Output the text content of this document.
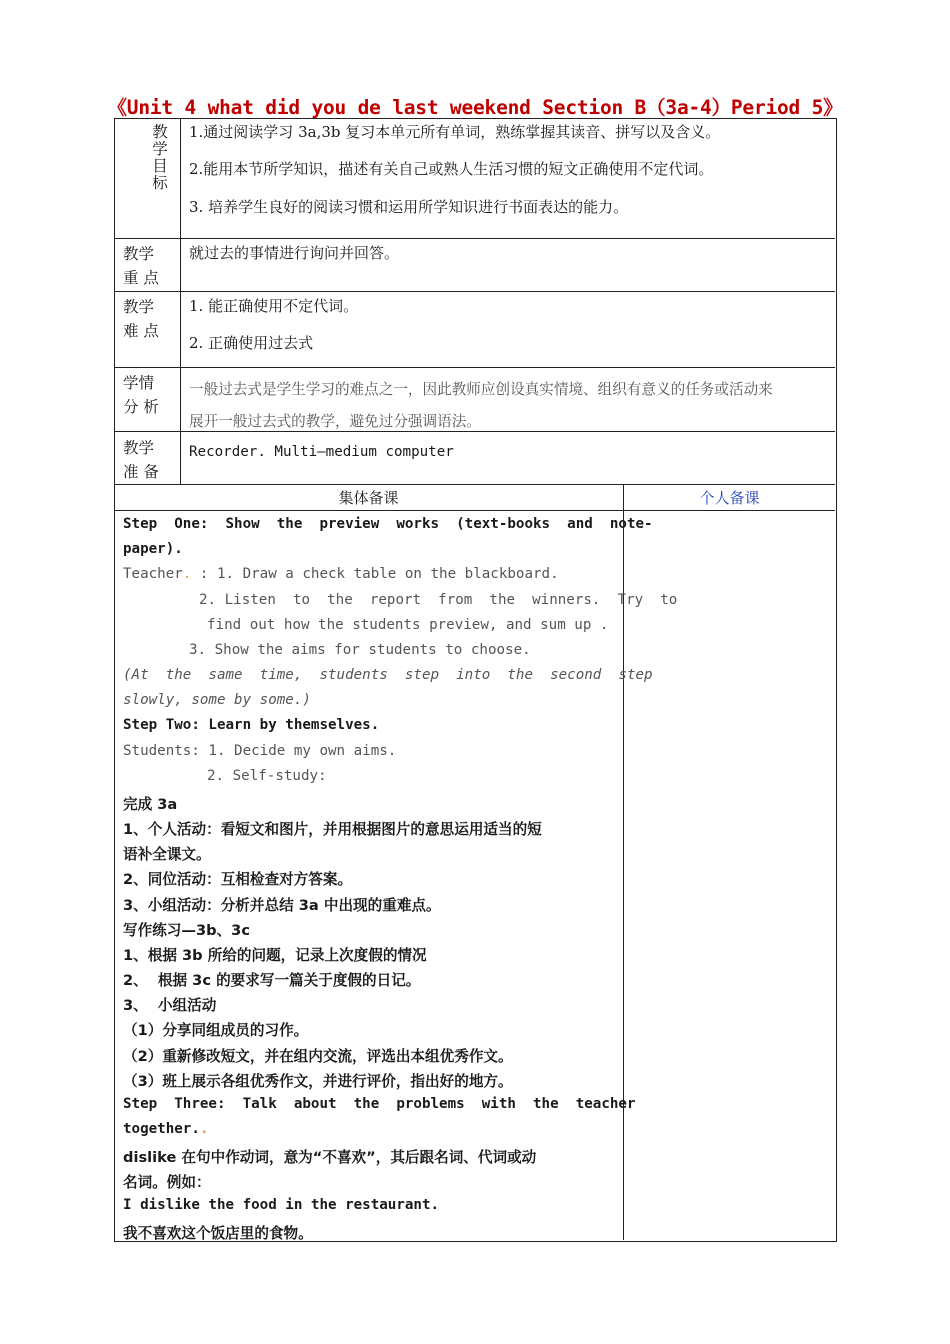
《Unit 4 what did you de last weekend Section B（3a-4）Period 5》
教
学
目
标
1.通过阅读学习 3a,3b 复习本单元所有单词，熟练掌握其读音、拼写以及含义。
2.能用本节所学知识，描述有关自己或熟人生活习惯的短文正确使用不定代词。
3. 培养学生良好的阅读习惯和运用所学知识进行书面表达的能力。
教学
重 点
就过去的事情进行询问并回答。
教学
难 点
1. 能正确使用不定代词。
2. 正确使用过去式
学情
分 析
一般过去式是学生学习的难点之一，因此教师应创设真实情境、组织有意义的任务或活动来
展开一般过去式的教学，避免过分强调语法。
教学
准 备
Recorder. Multi—medium computer
集体备课	个人备课
Step  One:  Show  the  preview  works  (text-books  and  note-
paper).
Teacher. : 1. Draw a check table on the blackboard.
2. Listen  to  the  report  from  the  winners.  Try  to
find out how the students preview, and sum up .
3. Show the aims for students to choose.
(At  the  same  time,  students  step  into  the  second  step
slowly, some by some.)
Step Two: Learn by themselves.
Students: 1. Decide my own aims.
2. Self-study:
完成 3a
1、个人活动：看短文和图片，并用根据图片的意思运用适当的短
语补全课文。
2、同位活动：互相检查对方答案。
3、小组活动：分析并总结 3a 中出现的重难点。
写作练习—3b、3c
1、根据 3b 所给的问题，记录上次度假的情况
2、  根据 3c 的要求写一篇关于度假的日记。
3、  小组活动
（1）分享同组成员的习作。
（2）重新修改短文，并在组内交流，评选出本组优秀作文。
（3）班上展示各组优秀作文，并进行评价，指出好的地方。
Step  Three:  Talk  about  the  problems  with  the  teacher
together..
dislike 在句中作动词，意为“不喜欢”，其后跟名词、代词或动
名词。例如：
I dislike the food in the restaurant.
我不喜欢这个饭店里的食物。
